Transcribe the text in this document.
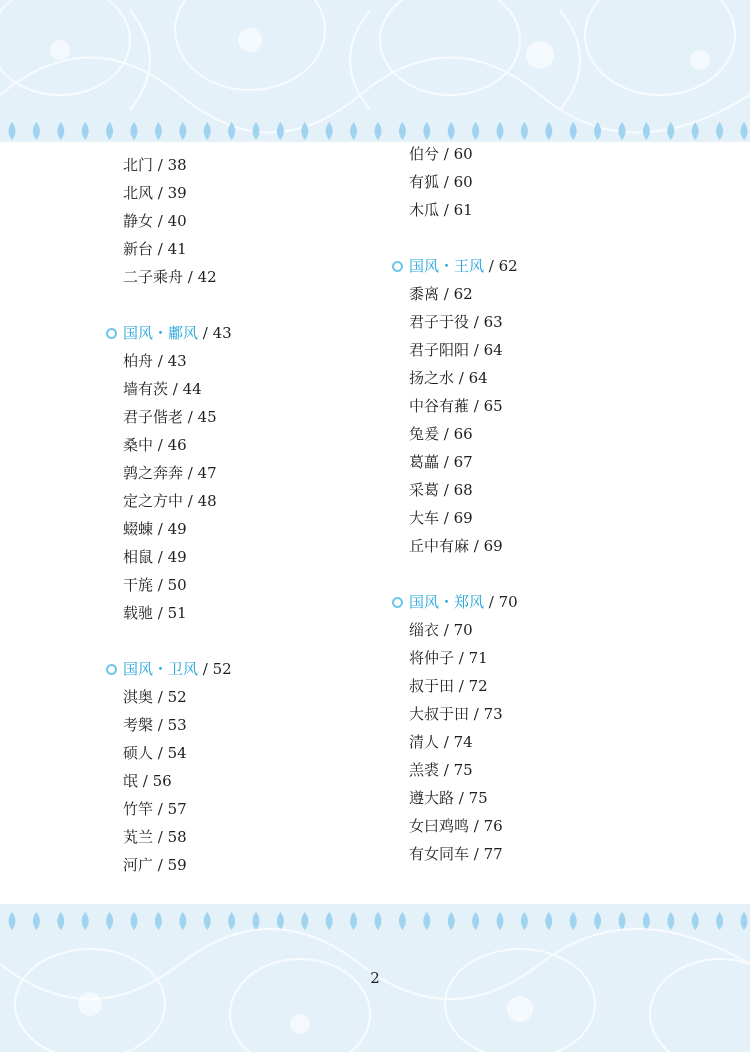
北门 / 38
北风 / 39
静女 / 40
新台 / 41
二子乘舟 / 42
国风・鄘风 / 43
柏舟 / 43
墙有茨 / 44
君子偕老 / 45
桑中 / 46
鹑之奔奔 / 47
定之方中 / 48
蝃蝀 / 49
相鼠 / 49
干旄 / 50
载驰 / 51
国风・卫风 / 52
淇奥 / 52
考槃 / 53
硕人 / 54
氓 / 56
竹竿 / 57
芄兰 / 58
河广 / 59
伯兮 / 60
有狐 / 60
木瓜 / 61
国风・王风 / 62
黍离 / 62
君子于役 / 63
君子阳阳 / 64
扬之水 / 64
中谷有蓷 / 65
兔爰 / 66
葛藟 / 67
采葛 / 68
大车 / 69
丘中有麻 / 69
国风・郑风 / 70
缁衣 / 70
将仲子 / 71
叔于田 / 72
大叔于田 / 73
清人 / 74
羔裘 / 75
遵大路 / 75
女曰鸡鸣 / 76
有女同车 / 77
2
